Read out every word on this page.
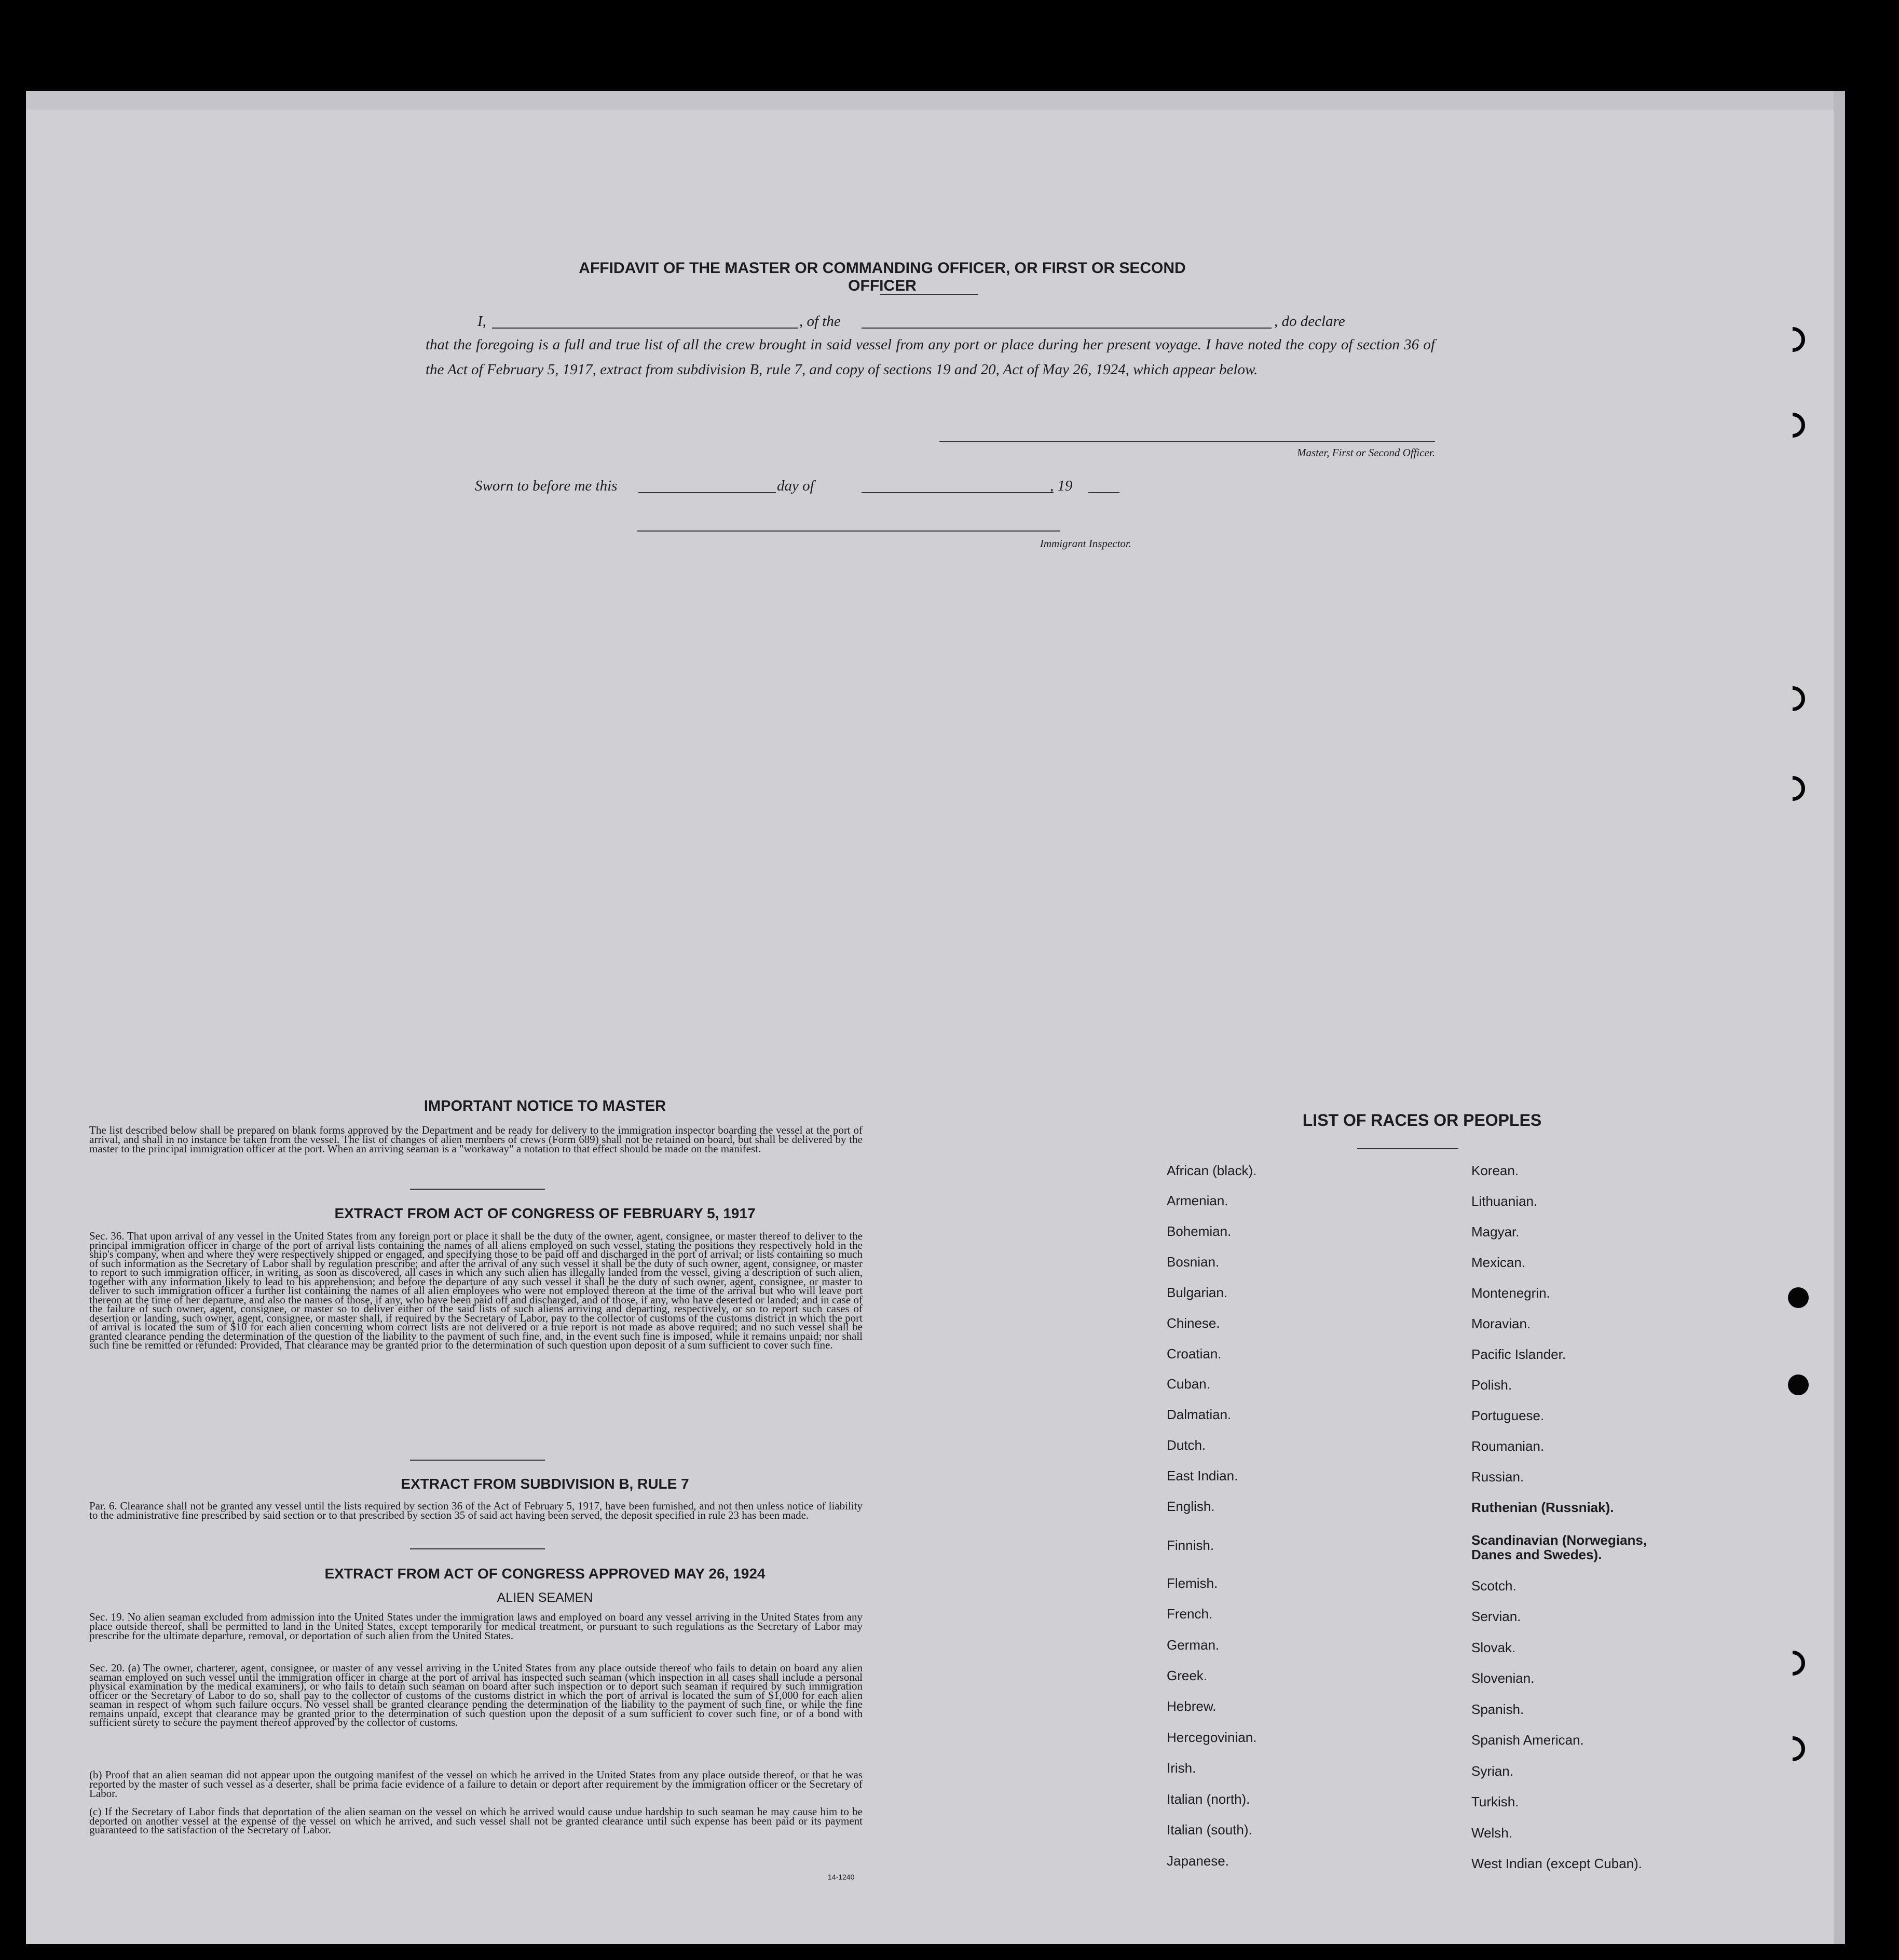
AFFIDAVIT OF THE MASTER OR COMMANDING OFFICER, OR FIRST OR SECOND OFFICER
I,	, of the	, do declare
that the foregoing is a full and true list of all the crew brought in said vessel from any port or place during her present voyage. I have noted the copy of section 36 of the Act of February 5, 1917, extract from subdivision B, rule 7, and copy of sections 19 and 20, Act of May 26, 1924, which appear below.
Master, First or Second Officer.
Sworn to before me this	day of	, 19
Immigrant Inspector.
IMPORTANT NOTICE TO MASTER
The list described below shall be prepared on blank forms approved by the Department and be ready for delivery to the immigration inspector boarding the vessel at the port of arrival, and shall in no instance be taken from the vessel. The list of changes of alien members of crews (Form 689) shall not be retained on board, but shall be delivered by the master to the principal immigration officer at the port. When an arriving seaman is a "workaway" a notation to that effect should be made on the manifest.
EXTRACT FROM ACT OF CONGRESS OF FEBRUARY 5, 1917
Sec. 36. That upon arrival of any vessel in the United States from any foreign port or place it shall be the duty of the owner, agent, consignee, or master thereof to deliver to the principal immigration officer in charge of the port of arrival lists containing the names of all aliens employed on such vessel, stating the positions they respectively hold in the ship's company, when and where they were respectively shipped or engaged, and specifying those to be paid off and discharged in the port of arrival; or lists containing so much of such information as the Secretary of Labor shall by regulation prescribe; and after the arrival of any such vessel it shall be the duty of such owner, agent, consignee, or master to report to such immigration officer, in writing, as soon as discovered, all cases in which any such alien has illegally landed from the vessel, giving a description of such alien, together with any information likely to lead to his apprehension; and before the departure of any such vessel it shall be the duty of such owner, agent, consignee, or master to deliver to such immigration officer a further list containing the names of all alien employees who were not employed thereon at the time of the arrival but who will leave port thereon at the time of her departure, and also the names of those, if any, who have been paid off and discharged, and of those, if any, who have deserted or landed; and in case of the failure of such owner, agent, consignee, or master so to deliver either of the said lists of such aliens arriving and departing, respectively, or so to report such cases of desertion or landing, such owner, agent, consignee, or master shall, if required by the Secretary of Labor, pay to the collector of customs of the customs district in which the port of arrival is located the sum of $10 for each alien concerning whom correct lists are not delivered or a true report is not made as above required; and no such vessel shall be granted clearance pending the determination of the question of the liability to the payment of such fine, and, in the event such fine is imposed, while it remains unpaid; nor shall such fine be remitted or refunded: Provided, That clearance may be granted prior to the determination of such question upon deposit of a sum sufficient to cover such fine.
EXTRACT FROM SUBDIVISION B, RULE 7
Par. 6. Clearance shall not be granted any vessel until the lists required by section 36 of the Act of February 5, 1917, have been furnished, and not then unless notice of liability to the administrative fine prescribed by said section or to that prescribed by section 35 of said act having been served, the deposit specified in rule 23 has been made.
EXTRACT FROM ACT OF CONGRESS APPROVED MAY 26, 1924
ALIEN SEAMEN
Sec. 19. No alien seaman excluded from admission into the United States under the immigration laws and employed on board any vessel arriving in the United States from any place outside thereof, shall be permitted to land in the United States, except temporarily for medical treatment, or pursuant to such regulations as the Secretary of Labor may prescribe for the ultimate departure, removal, or deportation of such alien from the United States.
Sec. 20. (a) The owner, charterer, agent, consignee, or master of any vessel arriving in the United States from any place outside thereof who fails to detain on board any alien seaman employed on such vessel until the immigration officer in charge at the port of arrival has inspected such seaman (which inspection in all cases shall include a personal physical examination by the medical examiners), or who fails to detain such seaman on board after such inspection or to deport such seaman if required by such immigration officer or the Secretary of Labor to do so, shall pay to the collector of customs of the customs district in which the port of arrival is located the sum of $1,000 for each alien seaman in respect of whom such failure occurs. No vessel shall be granted clearance pending the determination of the liability to the payment of such fine, or while the fine remains unpaid, except that clearance may be granted prior to the determination of such question upon the deposit of a sum sufficient to cover such fine, or of a bond with sufficient surety to secure the payment thereof approved by the collector of customs.
(b) Proof that an alien seaman did not appear upon the outgoing manifest of the vessel on which he arrived in the United States from any place outside thereof, or that he was reported by the master of such vessel as a deserter, shall be prima facie evidence of a failure to detain or deport after requirement by the immigration officer or the Secretary of Labor.
(c) If the Secretary of Labor finds that deportation of the alien seaman on the vessel on which he arrived would cause undue hardship to such seaman he may cause him to be deported on another vessel at the expense of the vessel on which he arrived, and such vessel shall not be granted clearance until such expense has been paid or its payment guaranteed to the satisfaction of the Secretary of Labor.
14-1240
LIST OF RACES OR PEOPLES
African (black).
Armenian.
Bohemian.
Bosnian.
Bulgarian.
Chinese.
Croatian.
Cuban.
Dalmatian.
Dutch.
East Indian.
English.
Finnish.
Flemish.
French.
German.
Greek.
Hebrew.
Hercegovinian.
Irish.
Italian (north).
Italian (south).
Japanese.
Korean.
Lithuanian.
Magyar.
Mexican.
Montenegrin.
Moravian.
Pacific Islander.
Polish.
Portuguese.
Roumanian.
Russian.
Ruthenian (Russniak).
Scandinavian (Norwegians,
Danes and Swedes).
Scotch.
Servian.
Slovak.
Slovenian.
Spanish.
Spanish American.
Syrian.
Turkish.
Welsh.
West Indian (except Cuban).
